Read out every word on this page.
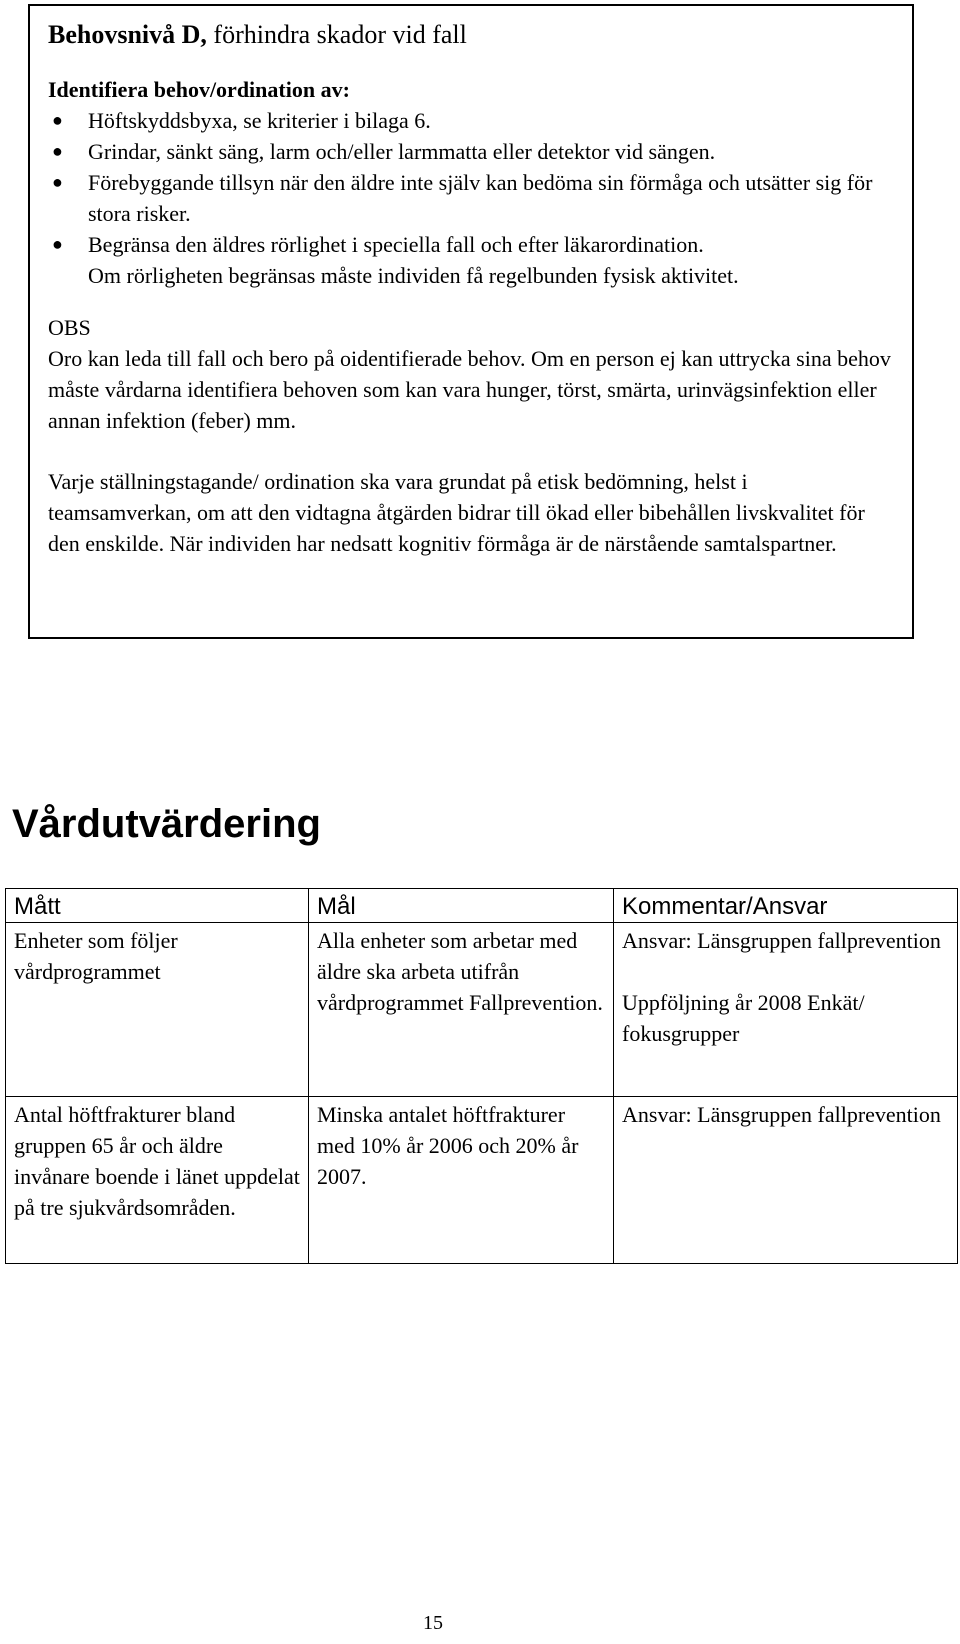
Behovsnivå D, förhindra skador vid fall

Identifiera behov/ordination av:

● Höftskyddsbyxa, se kriterier i bilaga 6.
● Grindar, sänkt säng, larm och/eller larmmatta eller detektor vid sängen.
● Förebyggande tillsyn när den äldre inte själv kan bedöma sin förmåga och utsätter sig för stora risker.
● Begränsa den äldres rörlighet i speciella fall och efter läkarordination.

Om rörligheten begränsas måste individen få regelbunden fysisk aktivitet.

OBS

Oro kan leda till fall och bero på oidentifierade behov. Om en person ej kan uttrycka sina behov måste vårdarna identifiera behoven som kan vara hunger, törst, smärta, urinvägsinfektion eller annan infektion (feber) mm.

Varje ställningstagande/ ordination ska vara grundat på etisk bedömning, helst i teamsamverkan, om att den vidtagna åtgärden bidrar till ökad eller bibehållen livskvalitet för den enskilde. När individen har nedsatt kognitiv förmåga är de närstående samtalspartner.

Vårdutvärdering
Mått	Mål	Kommentar/Ansvar
Enheter som följer vårdprogrammet	Alla enheter som arbetar med äldre ska arbeta utifrån vårdprogrammet Fallprevention.	Ansvar: Länsgruppen fallprevention
Uppföljning år 2008 Enkät/ fokusgrupper
Antal höftfrakturer bland gruppen 65 år och äldre invånare boende i länet uppdelat på tre sjukvårdsområden.	Minska antalet höftfrakturer med 10% år 2006 och 20% år 2007.	Ansvar: Länsgruppen fallprevention
15
